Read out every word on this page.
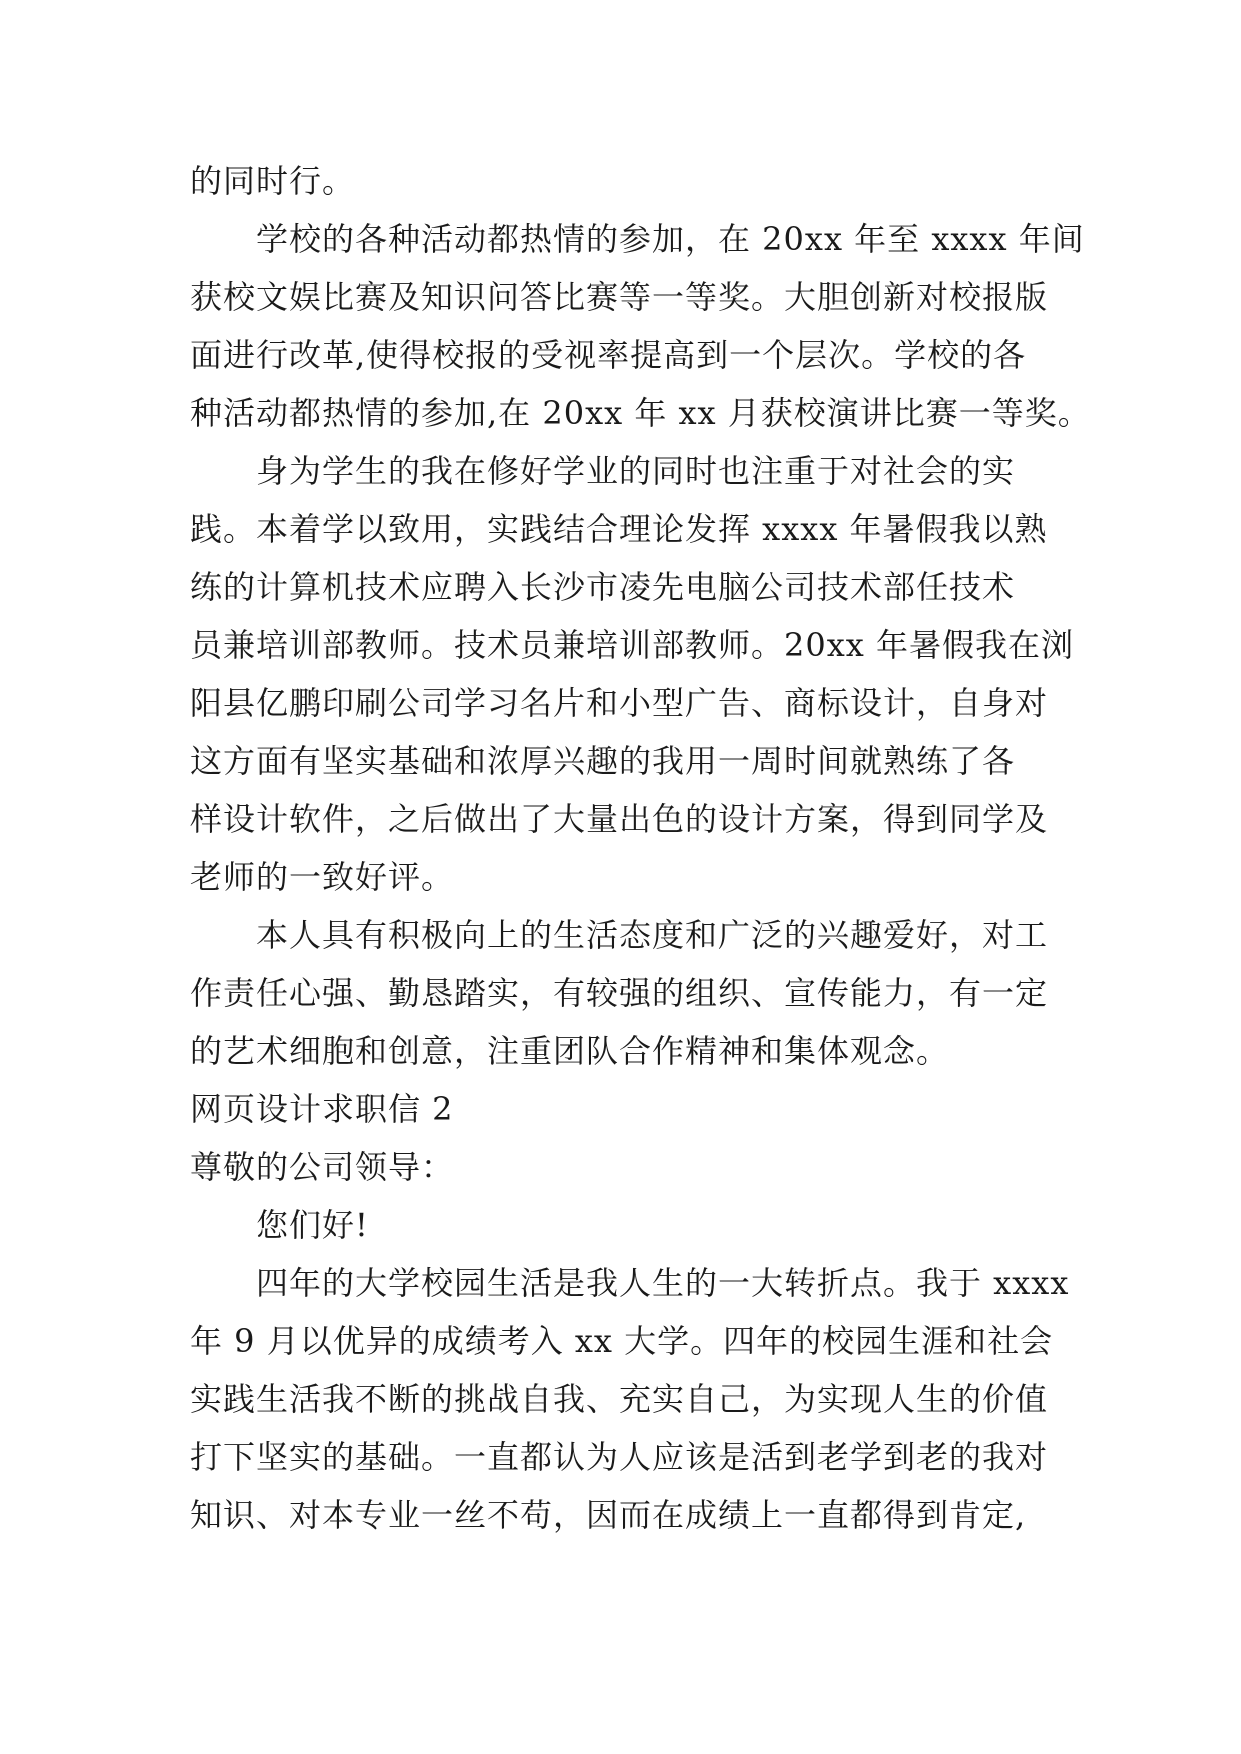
的同时行。
学校的各种活动都热情的参加，在 20xx 年至 xxxx 年间
获校文娱比赛及知识问答比赛等一等奖。大胆创新对校报版
面进行改革,使得校报的受视率提高到一个层次。学校的各
种活动都热情的参加,在 20xx 年 xx 月获校演讲比赛一等奖。
身为学生的我在修好学业的同时也注重于对社会的实
践。本着学以致用，实践结合理论发挥 xxxx 年暑假我以熟
练的计算机技术应聘入长沙市凌先电脑公司技术部任技术
员兼培训部教师。技术员兼培训部教师。20xx 年暑假我在浏
阳县亿鹏印刷公司学习名片和小型广告、商标设计，自身对
这方面有坚实基础和浓厚兴趣的我用一周时间就熟练了各
样设计软件，之后做出了大量出色的设计方案，得到同学及
老师的一致好评。
本人具有积极向上的生活态度和广泛的兴趣爱好，对工
作责任心强、勤恳踏实，有较强的组织、宣传能力，有一定
的艺术细胞和创意，注重团队合作精神和集体观念。
网页设计求职信 2
尊敬的公司领导：
您们好!
四年的大学校园生活是我人生的一大转折点。我于 xxxx
年 9 月以优异的成绩考入 xx 大学。四年的校园生涯和社会
实践生活我不断的挑战自我、充实自己，为实现人生的价值
打下坚实的基础。一直都认为人应该是活到老学到老的我对
知识、对本专业一丝不苟，因而在成绩上一直都得到肯定,
